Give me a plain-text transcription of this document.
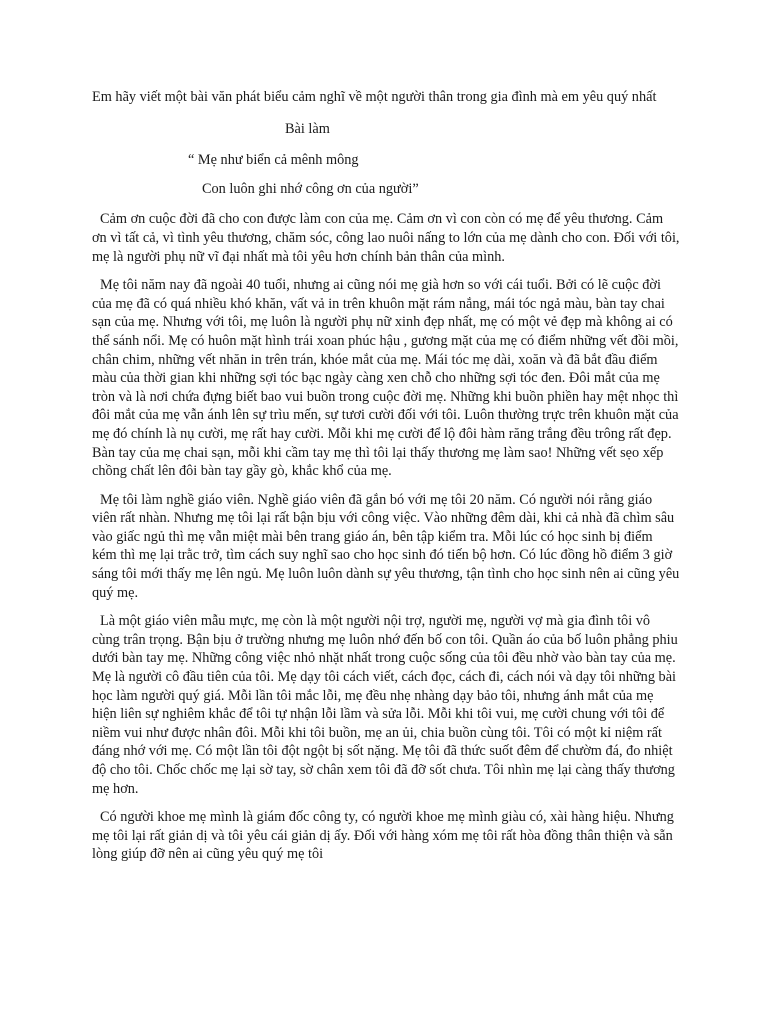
Em hãy viết một bài văn phát biểu cảm nghĩ về một người thân trong gia đình mà em yêu quý nhất
Bài làm
“ Mẹ như biển cả mênh mông
Con luôn ghi nhớ công ơn của người”

Cảm ơn cuộc đời đã cho con được làm con của mẹ. Cảm ơn vì con còn có mẹ để yêu thương. Cảm ơn vì tất cả, vì tình yêu thương, chăm sóc, công lao nuôi nấng to lớn của mẹ dành cho con. Đối với tôi, mẹ là người phụ nữ vĩ đại nhất mà tôi yêu hơn chính bản thân của mình.

Mẹ tôi năm nay đã ngoài 40 tuổi, nhưng ai cũng nói mẹ già hơn so với cái tuổi. Bởi có lẽ cuộc đời của mẹ đã có quá nhiều khó khăn, vất vả in trên khuôn mặt rám nắng, mái tóc ngả màu, bàn tay chai sạn của mẹ. Nhưng với tôi, mẹ luôn là người phụ nữ xinh đẹp nhất, mẹ có một vẻ đẹp mà không ai có thể sánh nổi. Mẹ có huôn mặt hình trái xoan phúc hậu , gương mặt của mẹ có điểm những vết đồi mồi, chân chim, những vết nhăn in trên trán, khóe mắt của mẹ. Mái tóc mẹ dài, xoăn và đã bắt đầu điểm màu của thời gian khi những sợi tóc bạc ngày càng xen chỗ cho những sợi tóc đen. Đôi mắt của mẹ tròn và là nơi chứa đựng biết bao vui buồn trong cuộc đời mẹ. Những khi buồn phiền hay mệt nhọc thì đôi mắt của mẹ vẫn ánh lên sự trìu mến, sự tươi cười đối với tôi. Luôn thường trực trên khuôn mặt của mẹ đó chính là nụ cười, mẹ rất hay cười. Mỗi khi mẹ cười để lộ đôi hàm răng trắng đều trông rất đẹp. Bàn tay của mẹ chai sạn, mỗi khi cầm tay mẹ thì tôi lại thấy thương mẹ làm sao! Những vết sẹo xếp chồng chất lên đôi bàn tay gầy gò, khắc khổ của mẹ.

Mẹ tôi làm nghề giáo viên. Nghề giáo viên đã gắn bó với mẹ tôi 20 năm. Có người nói rằng giáo viên rất nhàn. Nhưng mẹ tôi lại rất bận bịu với công việc. Vào những đêm dài, khi cả nhà đã chìm sâu vào giấc ngủ thì mẹ vẫn miệt mài bên trang giáo án, bên tập kiểm tra. Mỗi lúc có học sinh bị điểm kém thì mẹ lại trằc trở, tìm cách suy nghĩ sao cho học sinh đó tiến bộ hơn. Có lúc đồng hồ điểm 3 giờ sáng tôi mới thấy mẹ lên ngủ. Mẹ luôn luôn dành sự yêu thương, tận tình cho học sinh nên ai cũng yêu quý mẹ.

Là một giáo viên mẫu mực, mẹ còn là một người nội trợ, người mẹ, người vợ mà gia đình tôi vô cùng trân trọng. Bận bịu ở trường nhưng mẹ luôn nhớ đến bố con tôi. Quần áo của bố luôn phẳng phiu dưới bàn tay mẹ. Những công việc nhỏ nhặt nhất trong cuộc sống của tôi đều nhờ vào bàn tay của mẹ. Mẹ là người cô đầu tiên của tôi. Mẹ dạy tôi cách viết, cách đọc, cách đi, cách nói và dạy tôi những bài học làm người quý giá. Mỗi lần tôi mắc lỗi, mẹ đều nhẹ nhàng dạy bảo tôi, nhưng ánh mắt của mẹ hiện liên sự nghiêm khắc để tôi tự nhận lỗi lầm và sửa lỗi. Mỗi khi tôi vui, mẹ cười chung với tôi để niềm vui như được nhân đôi. Mỗi khi tôi buồn, mẹ an ủi, chia buồn cùng tôi. Tôi có một kỉ niệm rất đáng nhớ với mẹ. Có một lần tôi đột ngột bị sốt nặng. Mẹ tôi đã thức suốt đêm để chườm đá, đo nhiệt độ cho tôi. Chốc chốc mẹ lại sờ tay, sờ chân xem tôi đã đỡ sốt chưa. Tôi nhìn mẹ lại càng thấy thương mẹ hơn.

Có người khoe mẹ mình là giám đốc công ty, có người khoe mẹ mình giàu có, xài hàng hiệu. Nhưng mẹ tôi lại rất giản dị và tôi yêu cái giản dị ấy. Đối với hàng xóm mẹ tôi rất hòa đồng thân thiện và sẵn lòng giúp đỡ nên ai cũng yêu quý mẹ tôi
